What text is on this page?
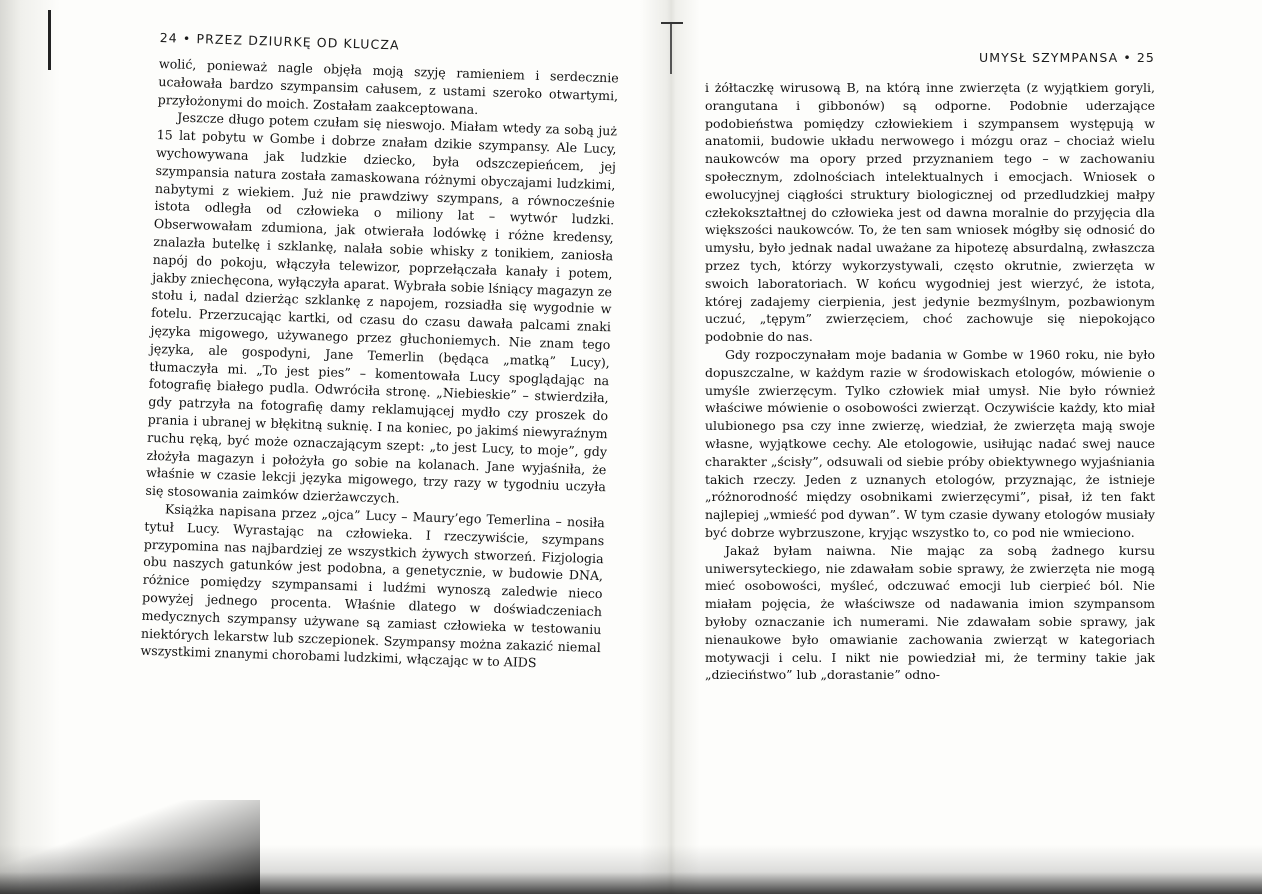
24 • PRZEZ DZIURKĘ OD KLUCZA

wolić, ponieważ nagle objęła moją szyję ramieniem i serdecznie ucałowała bardzo szympansim całusem, z ustami szeroko otwartymi, przyłożonymi do moich. Zostałam zaakceptowana.

Jeszcze długo potem czułam się nieswojo. Miałam wtedy za sobą już 15 lat pobytu w Gombe i dobrze znałam dzikie szympansy. Ale Lucy, wychowywana jak ludzkie dziecko, była odszczepieńcem, jej szympansia natura została zamaskowana różnymi obyczajami ludzkimi, nabytymi z wiekiem. Już nie prawdziwy szympans, a równocześnie istota odległa od człowieka o miliony lat – wytwór ludzki. Obserwowałam zdumiona, jak otwierała lodówkę i różne kredensy, znalazła butelkę i szklankę, nalała sobie whisky z tonikiem, zaniosła napój do pokoju, włączyła telewizor, poprzełączała kanały i potem, jakby zniechęcona, wyłączyła aparat. Wybrała sobie lśniący magazyn ze stołu i, nadal dzierżąc szklankę z napojem, rozsiadła się wygodnie w fotelu. Przerzucając kartki, od czasu do czasu dawała palcami znaki języka migowego, używanego przez głuchoniemych. Nie znam tego języka, ale gospodyni, Jane Temerlin (będąca „matką” Lucy), tłumaczyła mi. „To jest pies” – komentowała Lucy spoglądając na fotografię białego pudla. Odwróciła stronę. „Niebieskie” – stwierdziła, gdy patrzyła na fotografię damy reklamującej mydło czy proszek do prania i ubranej w błękitną suknię. I na koniec, po jakimś niewyraźnym ruchu ręką, być może oznaczającym szept: „to jest Lucy, to moje”, gdy złożyła magazyn i położyła go sobie na kolanach. Jane wyjaśniła, że właśnie w czasie lekcji języka migowego, trzy razy w tygodniu uczyła się stosowania zaimków dzierżawczych.

Książka napisana przez „ojca” Lucy – Maury’ego Temerlina – nosiła tytuł Lucy. Wyrastając na człowieka. I rzeczywiście, szympans przypomina nas najbardziej ze wszystkich żywych stworzeń. Fizjologia obu naszych gatunków jest podobna, a genetycznie, w budowie DNA, różnice pomiędzy szympansami i ludźmi wynoszą zaledwie nieco powyżej jednego procenta. Właśnie dlatego w doświadczeniach medycznych szympansy używane są zamiast człowieka w testowaniu niektórych lekarstw lub szczepionek. Szympansy można zakazić niemal wszystkimi znanymi chorobami ludzkimi, włączając w to AIDS

UMYSŁ SZYMPANSA • 25

i żółtaczkę wirusową B, na którą inne zwierzęta (z wyjątkiem goryli, orangutana i gibbonów) są odporne. Podobnie uderzające podobieństwa pomiędzy człowiekiem i szympansem występują w anatomii, budowie układu nerwowego i mózgu oraz – chociaż wielu naukowców ma opory przed przyznaniem tego – w zachowaniu społecznym, zdolnościach intelektualnych i emocjach. Wniosek o ewolucyjnej ciągłości struktury biologicznej od przedludzkiej małpy człekokształtnej do człowieka jest od dawna moralnie do przyjęcia dla większości naukowców. To, że ten sam wniosek mógłby się odnosić do umysłu, było jednak nadal uważane za hipotezę absurdalną, zwłaszcza przez tych, którzy wykorzystywali, często okrutnie, zwierzęta w swoich laboratoriach. W końcu wygodniej jest wierzyć, że istota, której zadajemy cierpienia, jest jedynie bezmyślnym, pozbawionym uczuć, „tępym” zwierzęciem, choć zachowuje się niepokojąco podobnie do nas.

Gdy rozpoczynałam moje badania w Gombe w 1960 roku, nie było dopuszczalne, w każdym razie w środowiskach etologów, mówienie o umyśle zwierzęcym. Tylko człowiek miał umysł. Nie było również właściwe mówienie o osobowości zwierząt. Oczywiście każdy, kto miał ulubionego psa czy inne zwierzę, wiedział, że zwierzęta mają swoje własne, wyjątkowe cechy. Ale etologowie, usiłując nadać swej nauce charakter „ścisły”, odsuwali od siebie próby obiektywnego wyjaśniania takich rzeczy. Jeden z uznanych etologów, przyznając, że istnieje „różnorodność między osobnikami zwierzęcymi”, pisał, iż ten fakt najlepiej „wmieść pod dywan”. W tym czasie dywany etologów musiały być dobrze wybrzuszone, kryjąc wszystko to, co pod nie wmieciono.

Jakaż byłam naiwna. Nie mając za sobą żadnego kursu uniwersyteckiego, nie zdawałam sobie sprawy, że zwierzęta nie mogą mieć osobowości, myśleć, odczuwać emocji lub cierpieć ból. Nie miałam pojęcia, że właściwsze od nadawania imion szympansom byłoby oznaczanie ich numerami. Nie zdawałam sobie sprawy, jak nienaukowe było omawianie zachowania zwierząt w kategoriach motywacji i celu. I nikt nie powiedział mi, że terminy takie jak „dzieciństwo” lub „dorastanie” odno-
